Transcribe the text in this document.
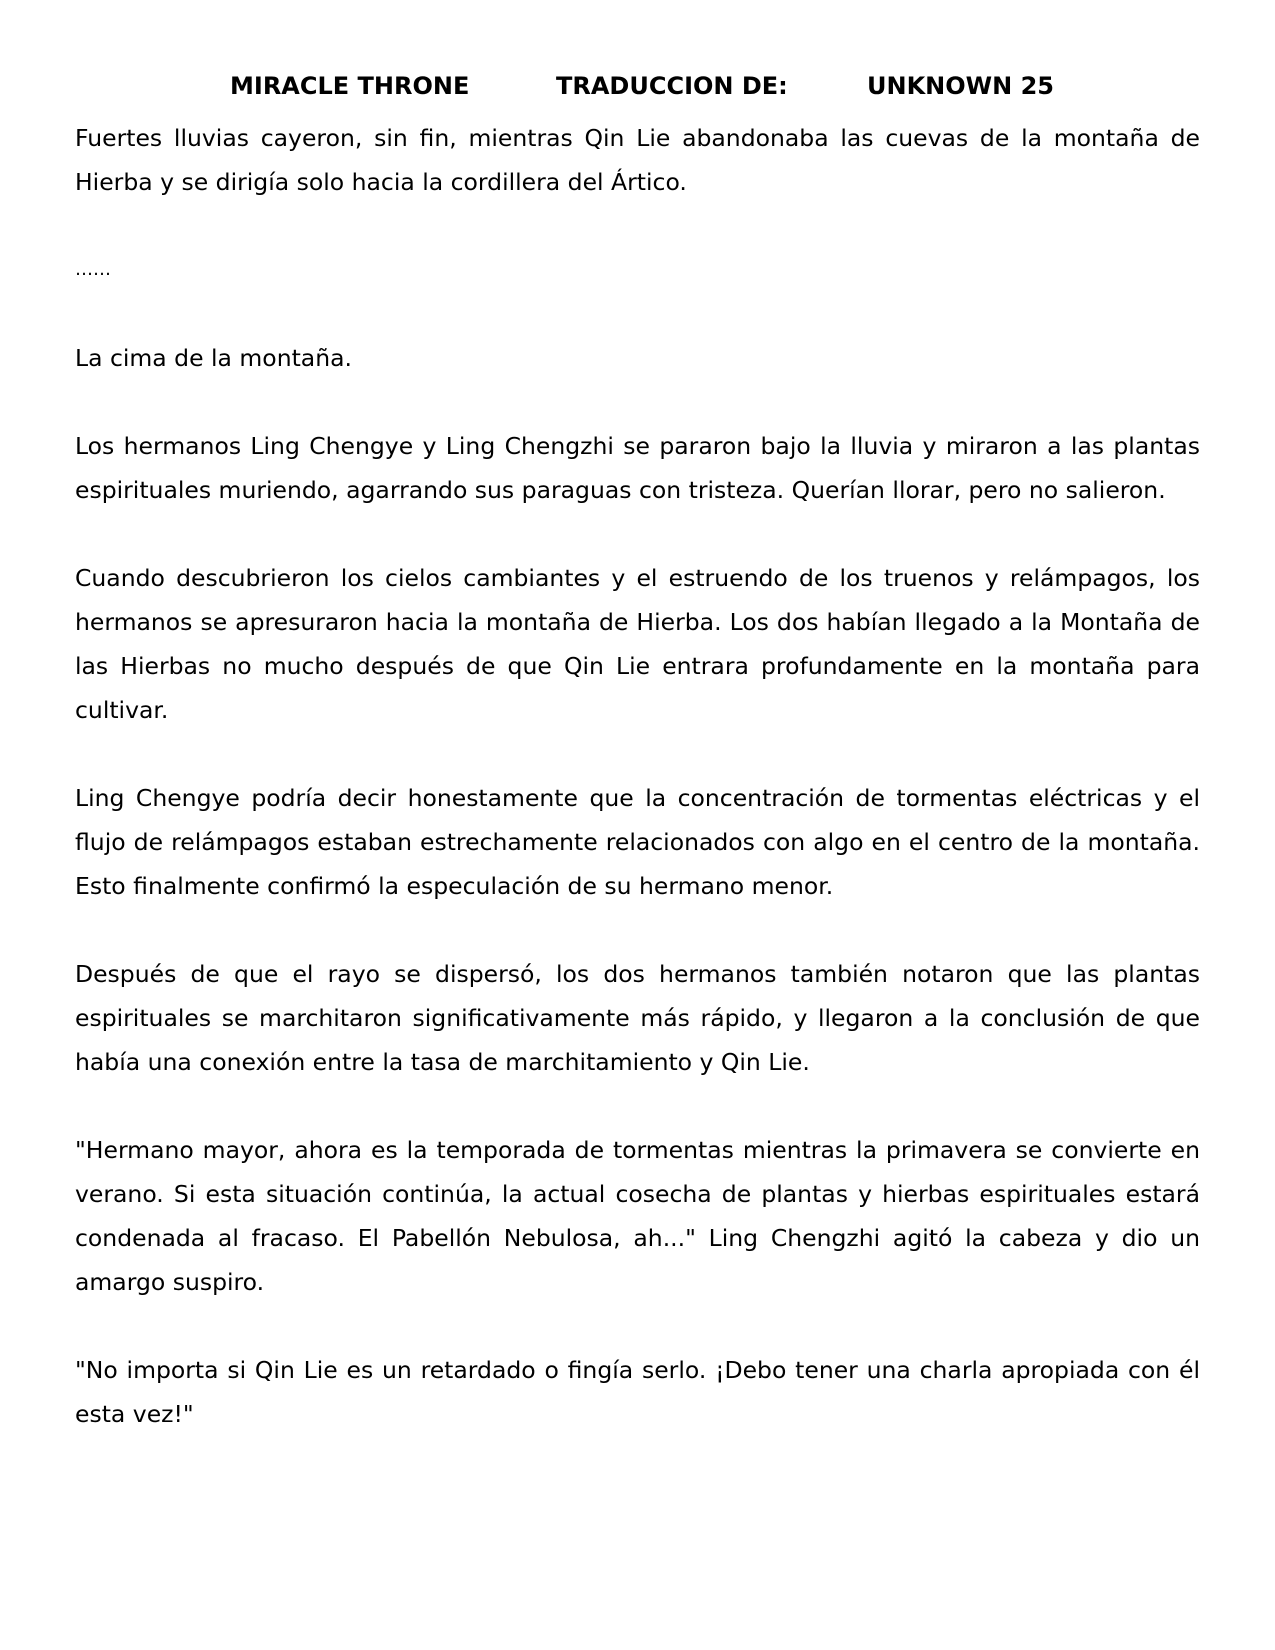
MIRACLE THRONE	TRADUCCION DE:	UNKNOWN 25

Fuertes lluvias cayeron, sin fin, mientras Qin Lie abandonaba las cuevas de la montaña de Hierba y se dirigía solo hacia la cordillera del Ártico.

……

La cima de la montaña.

Los hermanos Ling Chengye y Ling Chengzhi se pararon bajo la lluvia y miraron a las plantas espirituales muriendo, agarrando sus paraguas con tristeza. Querían llorar, pero no salieron.

Cuando descubrieron los cielos cambiantes y el estruendo de los truenos y relámpagos, los hermanos se apresuraron hacia la montaña de Hierba. Los dos habían llegado a la Montaña de las Hierbas no mucho después de que Qin Lie entrara profundamente en la montaña para cultivar.

Ling Chengye podría decir honestamente que la concentración de tormentas eléctricas y el flujo de relámpagos estaban estrechamente relacionados con algo en el centro de la montaña. Esto finalmente confirmó la especulación de su hermano menor.

Después de que el rayo se dispersó, los dos hermanos también notaron que las plantas espirituales se marchitaron significativamente más rápido, y llegaron a la conclusión de que había una conexión entre la tasa de marchitamiento y Qin Lie.

"Hermano mayor, ahora es la temporada de tormentas mientras la primavera se convierte en verano. Si esta situación continúa, la actual cosecha de plantas y hierbas espirituales estará condenada al fracaso. El Pabellón Nebulosa, ah..." Ling Chengzhi agitó la cabeza y dio un amargo suspiro.

"No importa si Qin Lie es un retardado o fingía serlo. ¡Debo tener una charla apropiada con él esta vez!"
